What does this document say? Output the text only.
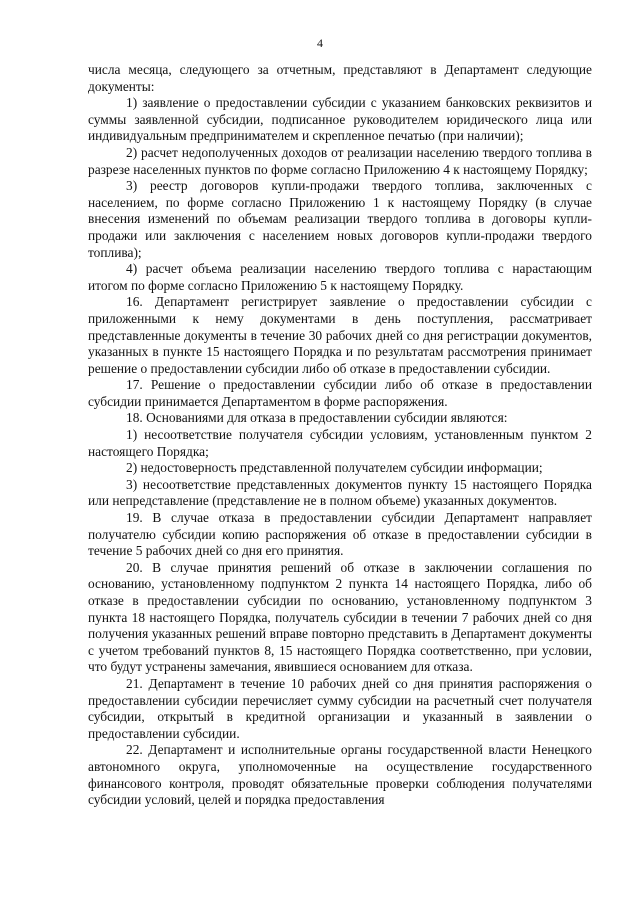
4

числа месяца, следующего за отчетным, представляют в Департамент следующие документы:

1) заявление о предоставлении субсидии с указанием банковских реквизитов и суммы заявленной субсидии, подписанное руководителем юридического лица или индивидуальным предпринимателем и скрепленное печатью (при наличии);

2) расчет недополученных доходов от реализации населению твердого топлива в разрезе населенных пунктов по форме согласно Приложению 4 к настоящему Порядку;

3) реестр договоров купли-продажи твердого топлива, заключенных с населением, по форме согласно Приложению 1 к настоящему Порядку (в случае внесения изменений по объемам реализации твердого топлива в договоры купли-продажи или заключения с населением новых договоров купли-продажи твердого топлива);

4) расчет объема реализации населению твердого топлива с нарастающим итогом по форме согласно Приложению 5 к настоящему Порядку.

16. Департамент регистрирует заявление о предоставлении субсидии с приложенными к нему документами в день поступления, рассматривает представленные документы в течение 30 рабочих дней со дня регистрации документов, указанных в пункте 15 настоящего Порядка и по результатам рассмотрения принимает решение о предоставлении субсидии либо об отказе в предоставлении субсидии.

17. Решение о предоставлении субсидии либо об отказе в предоставлении субсидии принимается Департаментом в форме распоряжения.

18. Основаниями для отказа в предоставлении субсидии являются:

1) несоответствие получателя субсидии условиям, установленным пунктом 2 настоящего Порядка;

2) недостоверность представленной получателем субсидии информации;

3) несоответствие представленных документов пункту 15 настоящего Порядка или непредставление (представление не в полном объеме) указанных документов.

19. В случае отказа в предоставлении субсидии Департамент направляет получателю субсидии копию распоряжения об отказе в предоставлении субсидии в течение 5 рабочих дней со дня его принятия.

20. В случае принятия решений об отказе в заключении соглашения по основанию, установленному подпунктом 2 пункта 14 настоящего Порядка, либо об отказе в предоставлении субсидии по основанию, установленному подпунктом 3 пункта 18 настоящего Порядка, получатель субсидии в течении 7 рабочих дней со дня получения указанных решений вправе повторно представить в Департамент документы с учетом требований пунктов 8, 15 настоящего Порядка соответственно, при условии, что будут устранены замечания, явившиеся основанием для отказа.

21. Департамент в течение 10 рабочих дней со дня принятия распоряжения о предоставлении субсидии перечисляет сумму субсидии на расчетный счет получателя субсидии, открытый в кредитной организации и указанный в заявлении о предоставлении субсидии.

22. Департамент и исполнительные органы государственной власти Ненецкого автономного округа, уполномоченные на осуществление государственного финансового контроля, проводят обязательные проверки соблюдения получателями субсидии условий, целей и порядка предоставления
